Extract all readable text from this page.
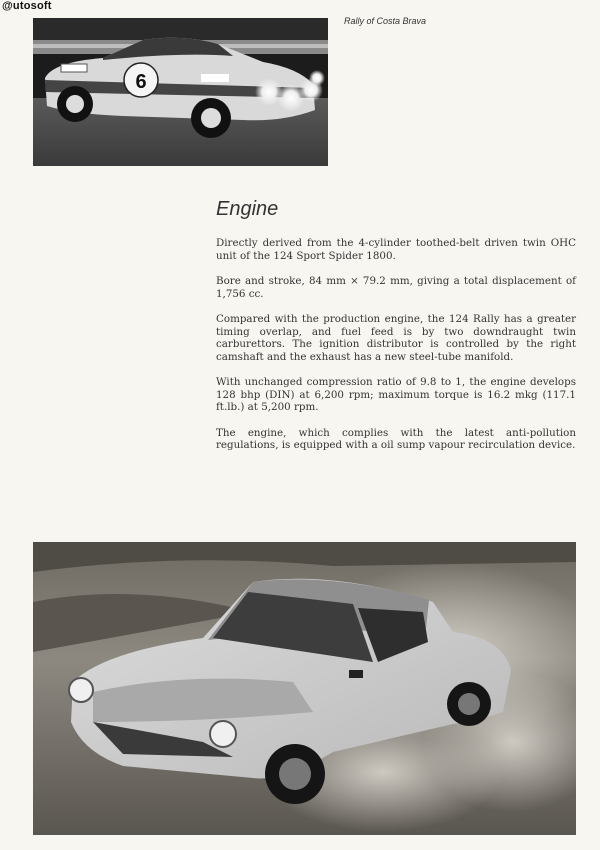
@utosoft
6
Rally of Costa Brava
Engine

Directly derived from the 4-cylinder toothed-belt driven twin OHC unit of the 124 Sport Spider 1800.

Bore and stroke, 84 mm × 79.2 mm, giving a total displacement of 1,756 cc.

Compared with the production engine, the 124 Rally has a greater timing overlap, and fuel feed is by two downdraught twin carburettors. The ignition distributor is controlled by the right camshaft and the exhaust has a new steel-tube manifold.

With unchanged compression ratio of 9.8 to 1, the engine develops 128 bhp (DIN) at 6,200 rpm; maximum torque is 16.2 mkg (117.1 ft.lb.) at 5,200 rpm.

The engine, which complies with the latest anti-pollution regulations, is equipped with a oil sump vapour recirculation device.
